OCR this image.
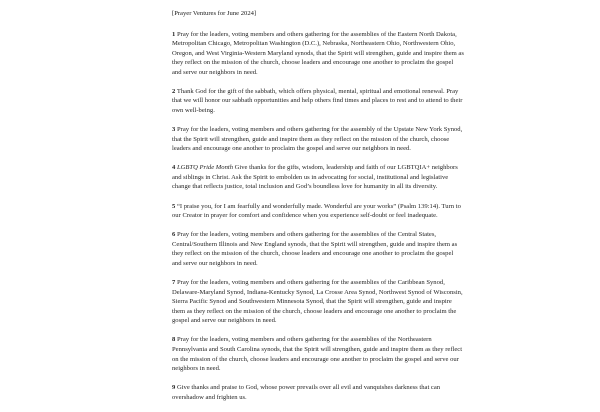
[Prayer Ventures for June 2024]
1 Pray for the leaders, voting members and others gathering for the assemblies of the Eastern North Dakota, Metropolitan Chicago, Metropolitan Washington (D.C.), Nebraska, Northeastern Ohio, Northwestern Ohio, Oregon, and West Virginia-Western Maryland synods, that the Spirit will strengthen, guide and inspire them as they reflect on the mission of the church, choose leaders and encourage one another to proclaim the gospel and serve our neighbors in need.
2 Thank God for the gift of the sabbath, which offers physical, mental, spiritual and emotional renewal. Pray that we will honor our sabbath opportunities and help others find times and places to rest and to attend to their own well-being.
3 Pray for the leaders, voting members and others gathering for the assembly of the Upstate New York Synod, that the Spirit will strengthen, guide and inspire them as they reflect on the mission of the church, choose leaders and encourage one another to proclaim the gospel and serve our neighbors in need.
4 LGBTQ Pride Month Give thanks for the gifts, wisdom, leadership and faith of our LGBTQIA+ neighbors and siblings in Christ. Ask the Spirit to embolden us in advocating for social, institutional and legislative change that reflects justice, total inclusion and God’s boundless love for humanity in all its diversity.
5 “I praise you, for I am fearfully and wonderfully made. Wonderful are your works” (Psalm 139:14). Turn to our Creator in prayer for comfort and confidence when you experience self-doubt or feel inadequate.
6 Pray for the leaders, voting members and others gathering for the assemblies of the Central States, Central/Southern Illinois and New England synods, that the Spirit will strengthen, guide and inspire them as they reflect on the mission of the church, choose leaders and encourage one another to proclaim the gospel and serve our neighbors in need.
7 Pray for the leaders, voting members and others gathering for the assemblies of the Caribbean Synod, Delaware-Maryland Synod, Indiana-Kentucky Synod, La Crosse Area Synod, Northwest Synod of Wisconsin, Sierra Pacific Synod and Southwestern Minnesota Synod, that the Spirit will strengthen, guide and inspire them as they reflect on the mission of the church, choose leaders and encourage one another to proclaim the gospel and serve our neighbors in need.
8 Pray for the leaders, voting members and others gathering for the assemblies of the Northeastern Pennsylvania and South Carolina synods, that the Spirit will strengthen, guide and inspire them as they reflect on the mission of the church, choose leaders and encourage one another to proclaim the gospel and serve our neighbors in need.
9 Give thanks and praise to God, whose power prevails over all evil and vanquishes darkness that can overshadow and frighten us.
